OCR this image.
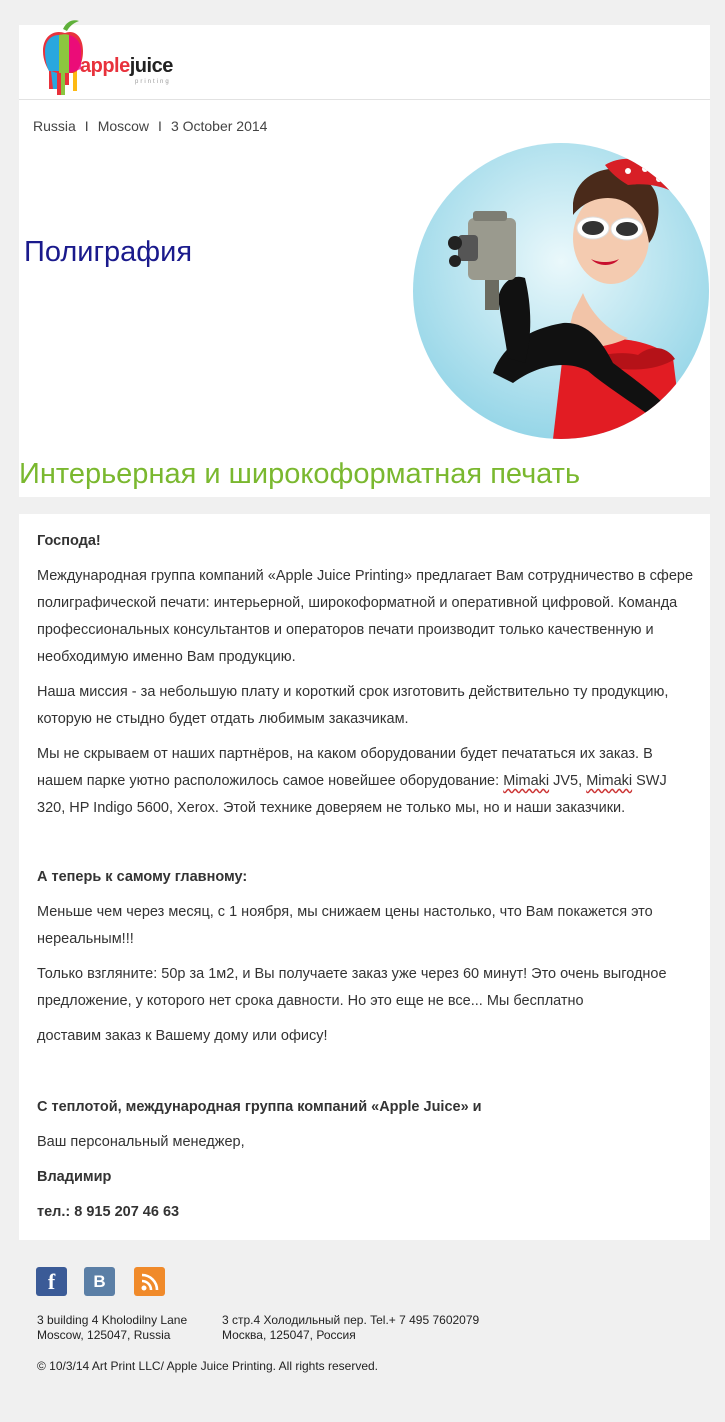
applejuice
printing
Russia I Moscow I 3 October 2014
Полиграфия
Интерьерная и широкоформатная печать

Господа!

Международная группа компаний «Apple Juice Printing» предлагает Вам сотрудничество в сфере полиграфической печати: интерьерной, широкоформатной и оперативной цифровой. Команда профессиональных консультантов и операторов печати производит только качественную и необходимую именно Вам продукцию.

Наша миссия - за небольшую плату и короткий срок изготовить действительно ту продукцию, которую не стыдно будет отдать любимым заказчикам.

Мы не скрываем от наших партнёров, на каком оборудовании будет печататься их заказ. В нашем парке уютно расположилось самое новейшее оборудование: Mimaki JV5, Mimaki SWJ 320, HP Indigo 5600, Xerox. Этой технике доверяем не только мы, но и наши заказчики.

А теперь к самому главному:

Меньше чем через месяц, с 1 ноября, мы снижаем цены настолько, что Вам покажется это нереальным!!!

Только взгляните: 50р за 1м2, и Вы получаете заказ уже через 60 минут! Это очень выгодное предложение, у которого нет срока давности. Но это еще не все... Мы бесплатно

доставим заказ к Вашему дому или офису!

С теплотой, международная группа компаний «Apple Juice» и

Ваш персональный менеджер,

Владимир

тел.: 8 915 207 46 63

f	B
3 building 4 Kholodilny Lane
Moscow, 125047, Russia
3 стр.4 Холодильный пер. Tel.+ 7 495 7602079
Москва, 125047, Россия
© 10/3/14 Art Print LLC/ Apple Juice Printing. All rights reserved.
